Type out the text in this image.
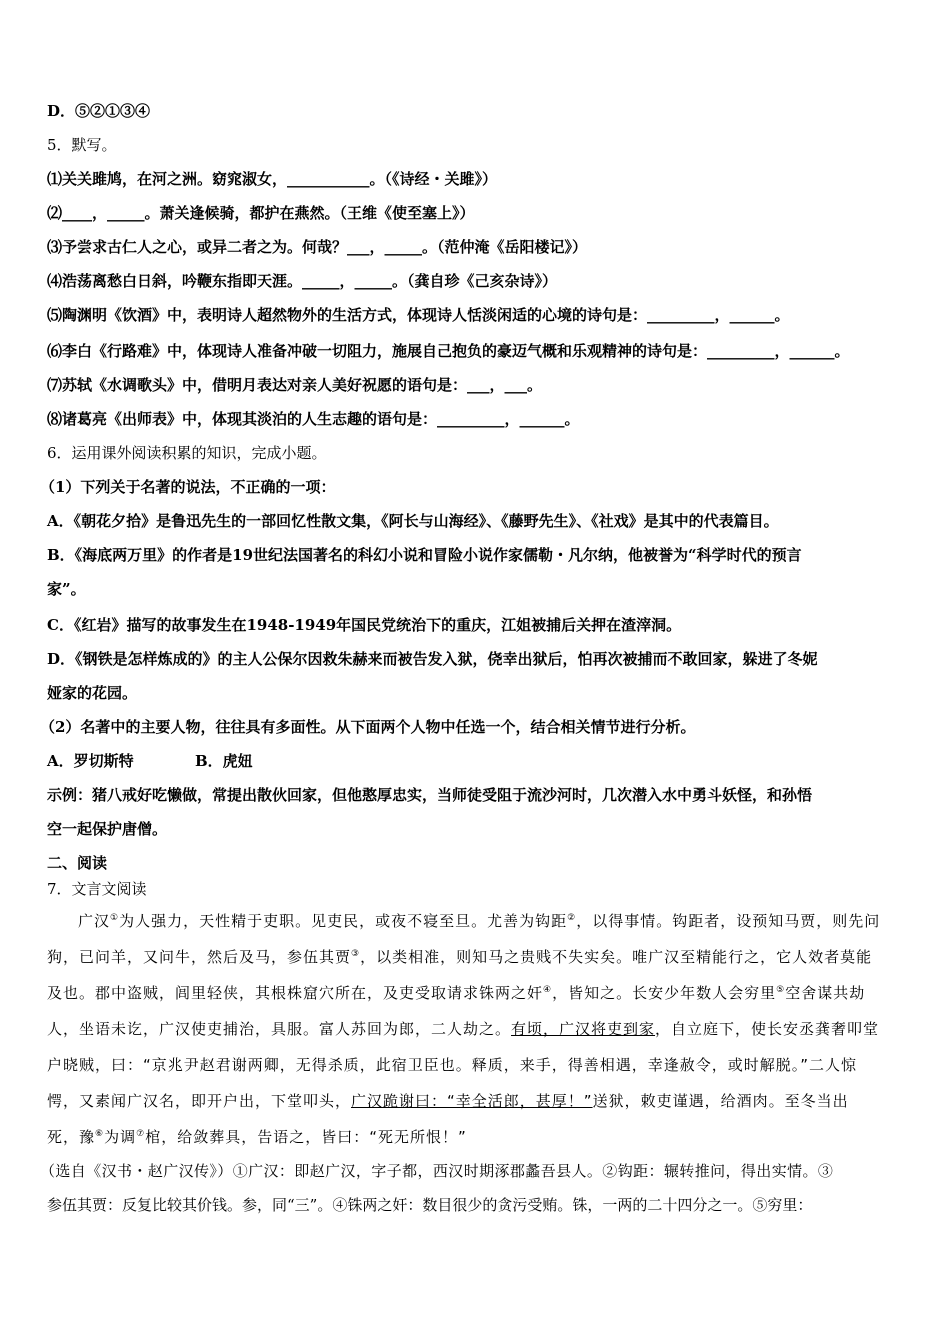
D．⑤②①③④
5．默写。
⑴关关雎鸠，在河之洲。窈窕淑女，___________。（《诗经・关雎》）
⑵____，_____。萧关逢候骑，都护在燕然。（王维《使至塞上》）
⑶予尝求古仁人之心，或异二者之为。何哉？___，_____。（范仲淹《岳阳楼记》）
⑷浩荡离愁白日斜，吟鞭东指即天涯。_____，_____。（龚自珍《己亥杂诗》）
⑸陶渊明《饮酒》中，表明诗人超然物外的生活方式，体现诗人恬淡闲适的心境的诗句是：_________，______。
⑹李白《行路难》中，体现诗人准备冲破一切阻力，施展自己抱负的豪迈气概和乐观精神的诗句是：_________，______。
⑺苏轼《水调歌头》中，借明月表达对亲人美好祝愿的语句是：___，___。
⑻诸葛亮《出师表》中，体现其淡泊的人生志趣的语句是：_________，______。
6．运用课外阅读积累的知识，完成小题。
（1）下列关于名著的说法，不正确的一项：
A．《朝花夕拾》是鲁迅先生的一部回忆性散文集，《阿长与山海经》、《藤野先生》、《社戏》是其中的代表篇目。
B．《海底两万里》的作者是19世纪法国著名的科幻小说和冒险小说作家儒勒・凡尔纳，他被誉为“科学时代的预言
家”。
C．《红岩》描写的故事发生在1948-1949年国民党统治下的重庆，江姐被捕后关押在渣滓洞。
D．《钢铁是怎样炼成的》的主人公保尔因救朱赫来而被告发入狱，侥幸出狱后，怕再次被捕而不敢回家，躲进了冬妮
娅家的花园。
（2）名著中的主要人物，往往具有多面性。从下面两个人物中任选一个，结合相关情节进行分析。
A．罗切斯特	B．虎妞
示例：猪八戒好吃懒做，常提出散伙回家，但他憨厚忠实，当师徒受阻于流沙河时，几次潜入水中勇斗妖怪，和孙悟
空一起保护唐僧。
二、阅读
7．文言文阅读
广汉①为人强力，天性精于吏职。见吏民，或夜不寝至旦。尤善为钩距②，以得事情。钩距者，设预知马贾，则先问
狗，已问羊，又问牛，然后及马，参伍其贾③，以类相准，则知马之贵贱不失实矣。唯广汉至精能行之，它人效者莫能
及也。郡中盗贼，闾里轻侠，其根株窟穴所在，及吏受取请求铢两之奸④，皆知之。长安少年数人会穷里⑤空舍谋共劫
人，坐语未讫，广汉使吏捕治，具服。富人苏回为郎，二人劫之。有顷，广汉将吏到家，自立庭下，使长安丞龚奢叩堂
户晓贼，曰：“京兆尹赵君谢两卿，无得杀质，此宿卫臣也。释质，来手，得善相遇，幸逢赦令，或时解脱。”二人惊
愕，又素闻广汉名，即开户出，下堂叩头，广汉跪谢曰：“幸全活郎，甚厚！”送狱，敕吏谨遇，给酒肉。至冬当出
死，豫⑥为调⑦棺，给敛葬具，告语之，皆曰：“死无所恨！”
（选自《汉书・赵广汉传》）①广汉：即赵广汉，字子都，西汉时期涿郡蠡吾县人。②钩距：辗转推问，得出实情。③
参伍其贾：反复比较其价钱。参，同“三”。④铢两之奸：数目很少的贪污受贿。铢，一两的二十四分之一。⑤穷里：
